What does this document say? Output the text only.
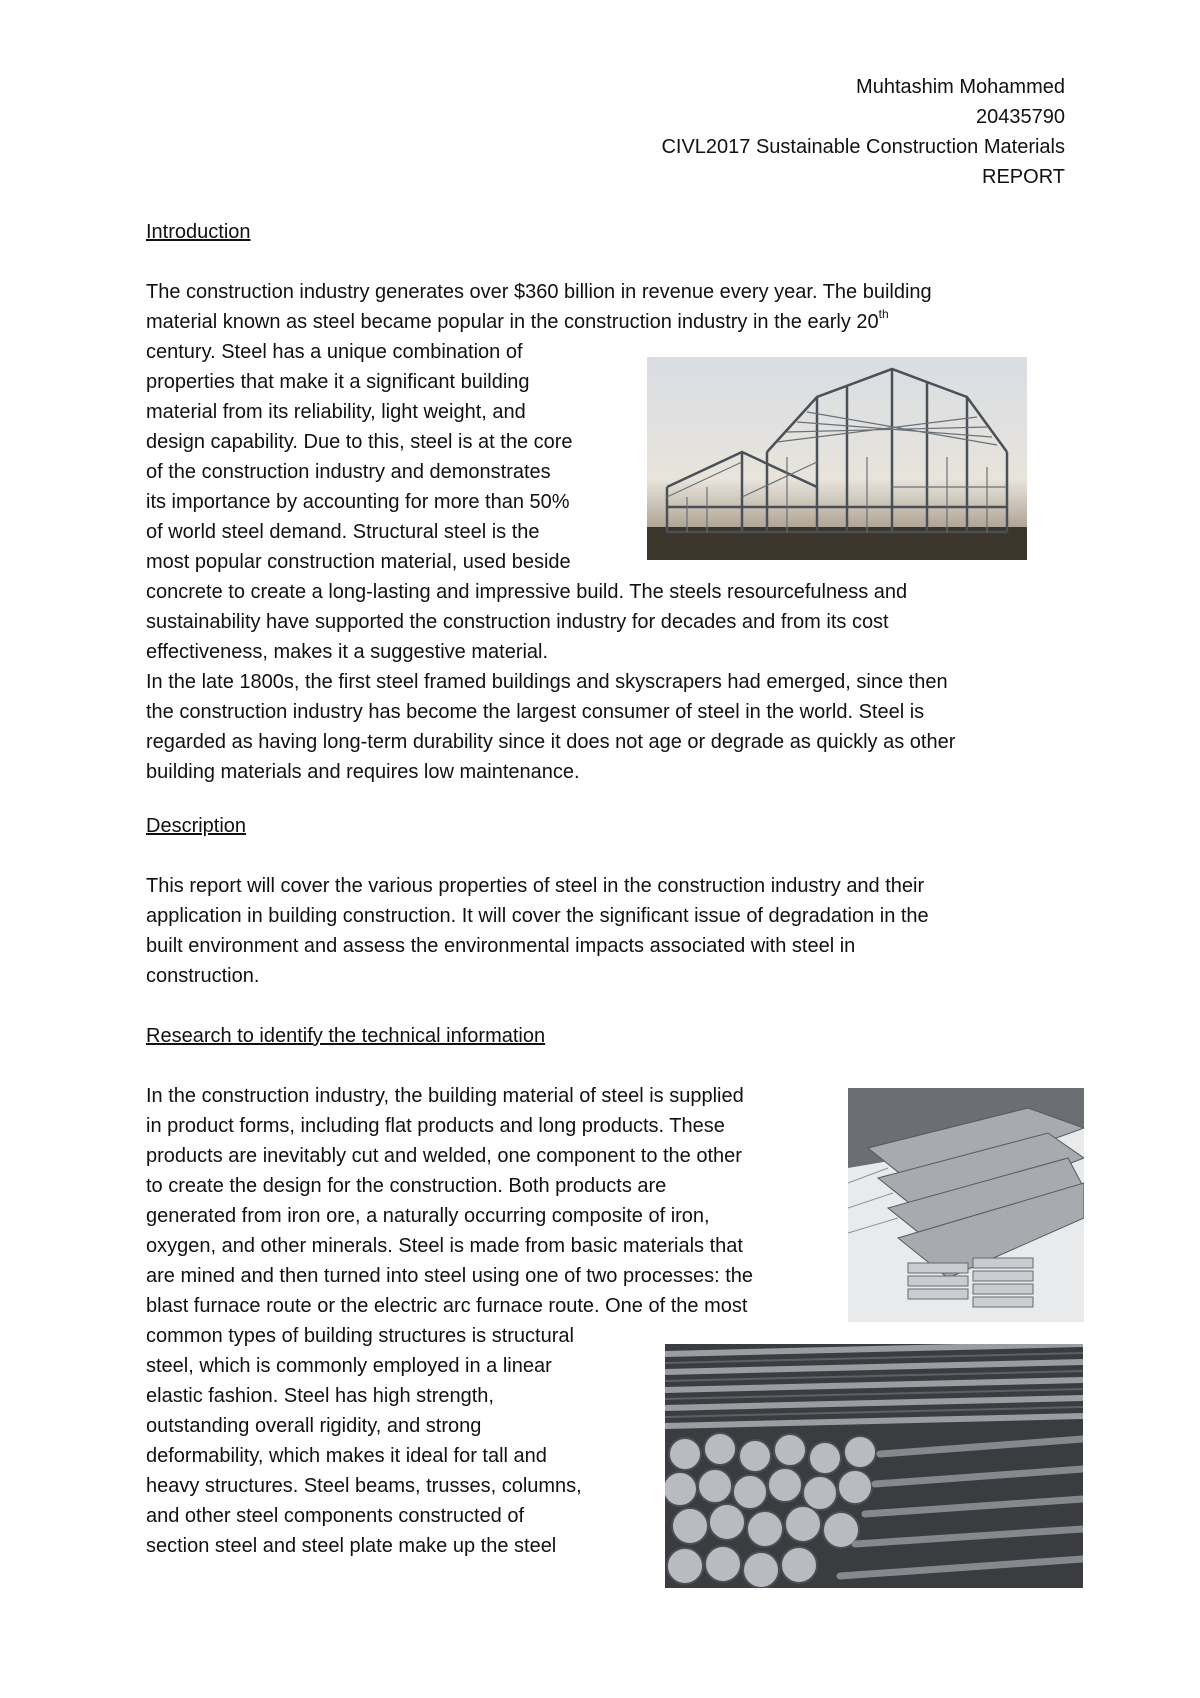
Muhtashim Mohammed
20435790
CIVL2017 Sustainable Construction Materials
REPORT
Introduction
The construction industry generates over $360 billion in revenue every year. The building
material known as steel became popular in the construction industry in the early 20th
century. Steel has a unique combination of
properties that make it a significant building
material from its reliability, light weight, and
design capability. Due to this, steel is at the core
of the construction industry and demonstrates
its importance by accounting for more than 50%
of world steel demand. Structural steel is the
most popular construction material, used beside
concrete to create a long-lasting and impressive build. The steels resourcefulness and
sustainability have supported the construction industry for decades and from its cost
effectiveness, makes it a suggestive material.
In the late 1800s, the first steel framed buildings and skyscrapers had emerged, since then
the construction industry has become the largest consumer of steel in the world. Steel is
regarded as having long-term durability since it does not age or degrade as quickly as other
building materials and requires low maintenance.
Description
This report will cover the various properties of steel in the construction industry and their
application in building construction. It will cover the significant issue of degradation in the
built environment and assess the environmental impacts associated with steel in
construction.
Research to identify the technical information
In the construction industry, the building material of steel is supplied
in product forms, including flat products and long products. These
products are inevitably cut and welded, one component to the other
to create the design for the construction. Both products are
generated from iron ore, a naturally occurring composite of iron,
oxygen, and other minerals. Steel is made from basic materials that
are mined and then turned into steel using one of two processes: the
blast furnace route or the electric arc furnace route. One of the most
common types of building structures is structural
steel, which is commonly employed in a linear
elastic fashion. Steel has high strength,
outstanding overall rigidity, and strong
deformability, which makes it ideal for tall and
heavy structures. Steel beams, trusses, columns,
and other steel components constructed of
section steel and steel plate make up the steel
